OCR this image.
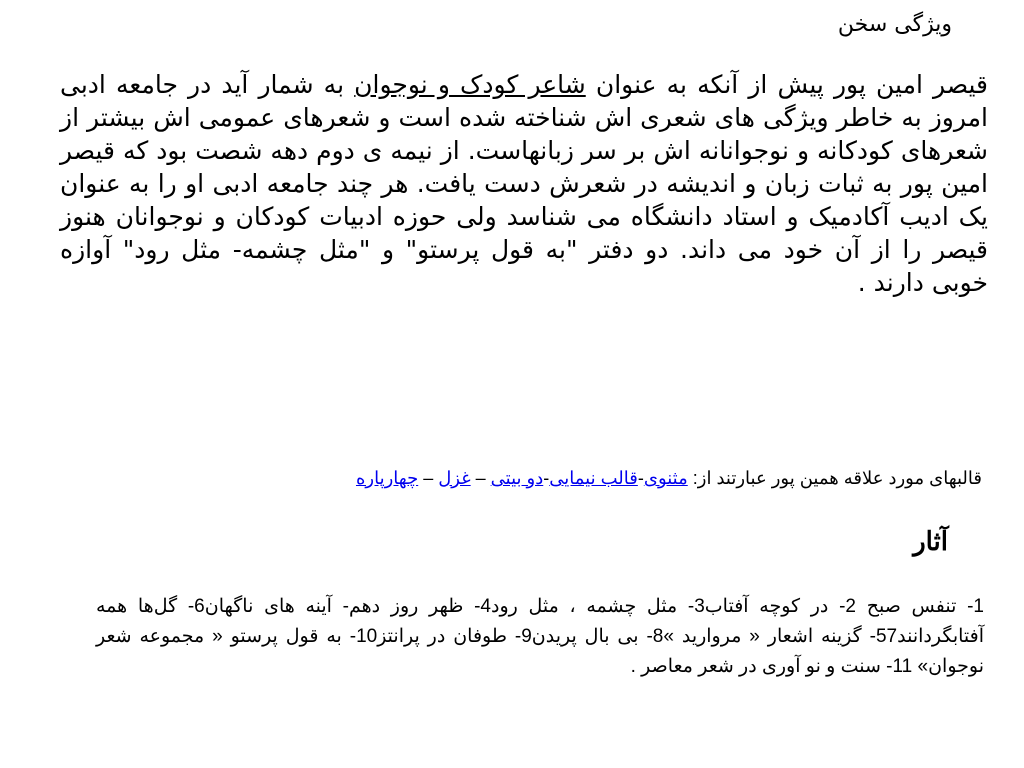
ویژگی سخن

قیصر امین پور پیش از آنکه به عنوان شاعر کودک و نوجوان به شمار آید در جامعه ادبی امروز به خاطر ویژگی های شعری اش شناخته شده است و شعرهای عمومی اش بیشتر از شعرهای کودکانه و نوجوانانه اش بر سر زبانهاست. از نیمه ی دوم دهه شصت بود که قیصر امین پور به ثبات زبان و اندیشه در شعرش دست یافت. هر چند جامعه ادبی او را به عنوان یک ادیب آکادمیک و استاد دانشگاه می شناسد ولی حوزه ادبیات کودکان و نوجوانان هنوز قیصر را از آن خود می داند. دو دفتر "به قول پرستو" و "مثل چشمه- مثل رود" آوازه خوبی دارند .

قالبهای مورد علاقه همین پور عبارتند از: مثنوی-قالب نیمایی-دو بیتی – غزل – چهارپاره
آثار

1- تنفس صبح 2- در کوچه آفتاب3- مثل چشمه ، مثل رود4- ظهر روز دهم- آینه های ناگهان6- گل‌ها همه آفتابگردانند57- گزینه اشعار « مروارید »8- بی بال پریدن9- طوفان در پرانتز10- به قول پرستو « مجموعه شعر نوجوان» 11- سنت و نو آوری در شعر معاصر .
